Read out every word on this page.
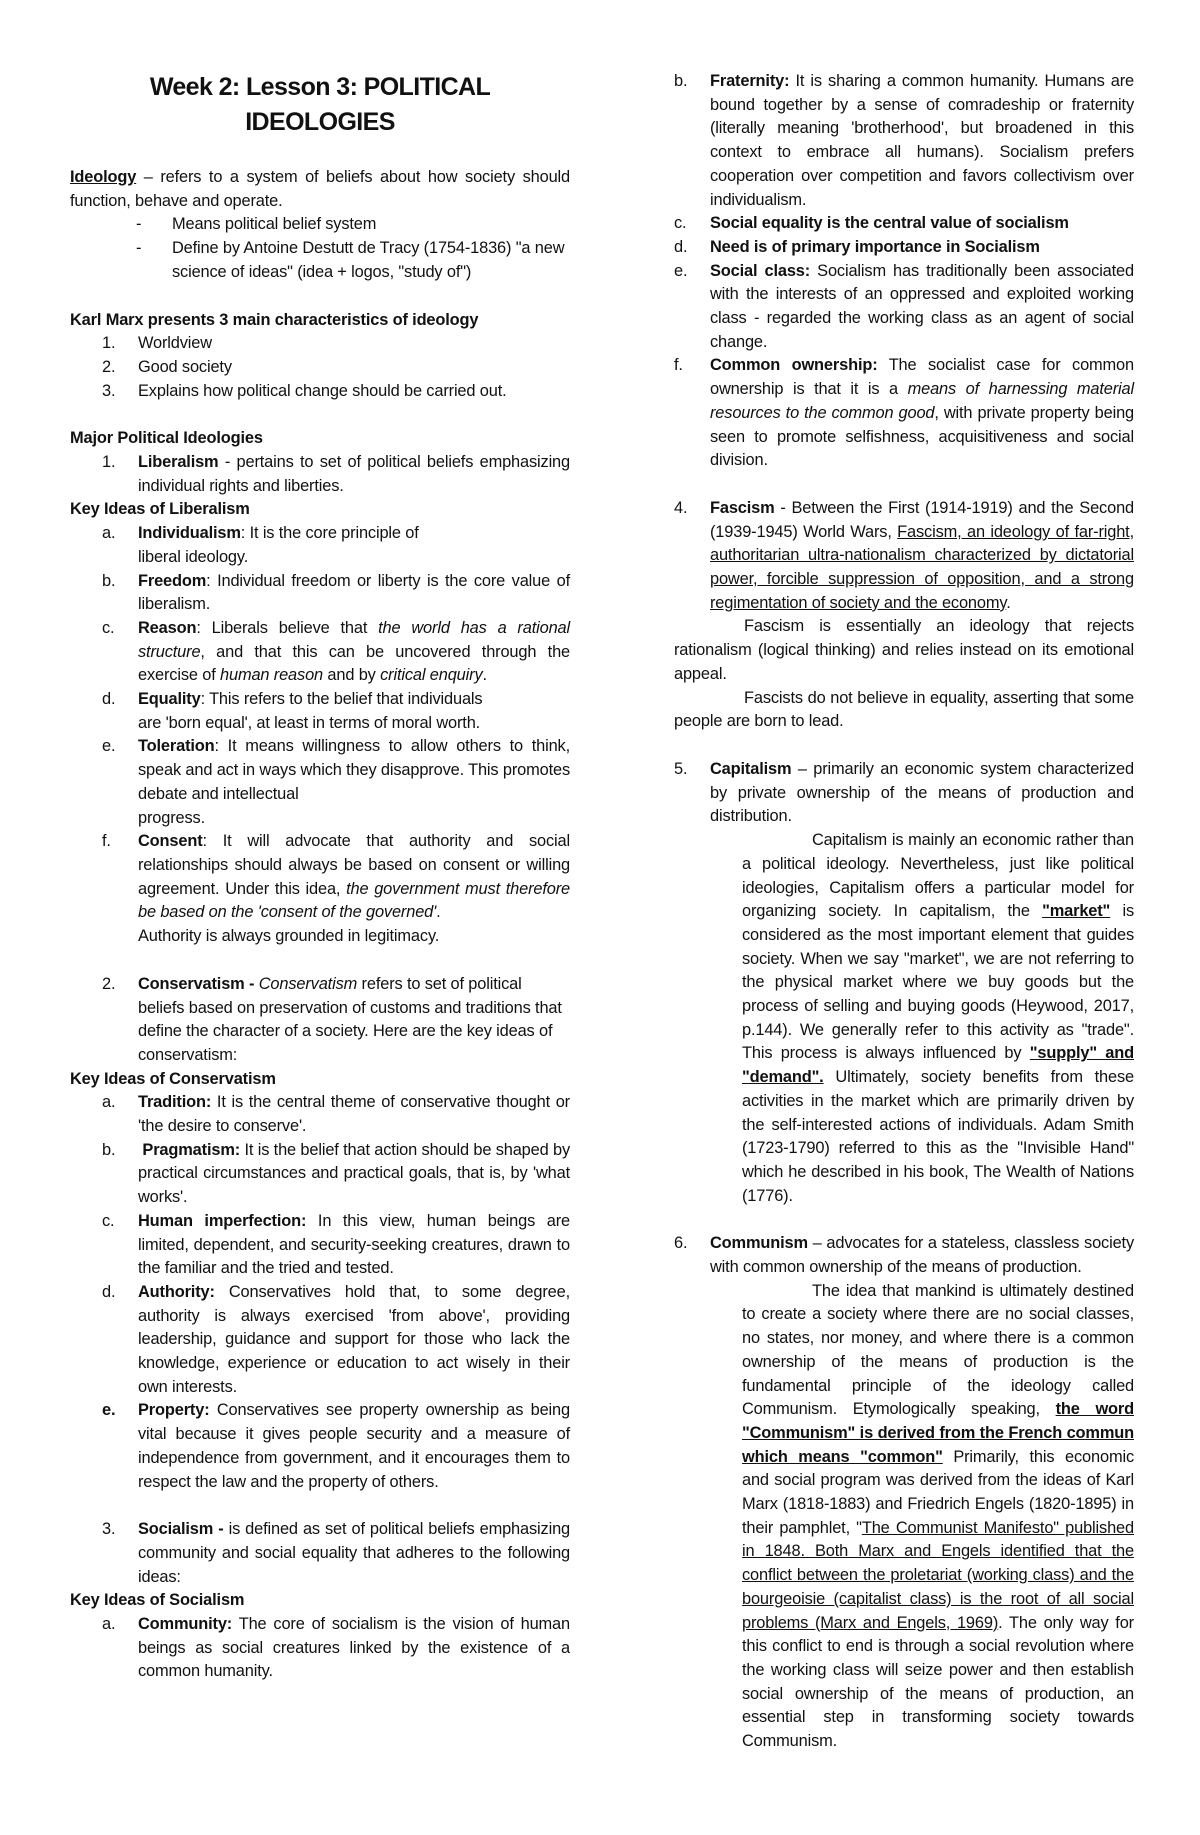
Week 2: Lesson 3: POLITICAL
IDEOLOGIES

Ideology – refers to a system of beliefs about how society should function, behave and operate.

-	Means political belief system
-	Define by Antoine Destutt de Tracy (1754-1836) "a new science of ideas" (idea + logos, "study of")

Karl Marx presents 3 main characteristics of ideology

1.	Worldview
2.	Good society
3.	Explains how political change should be carried out.

Major Political Ideologies

1.	Liberalism - pertains to set of political beliefs emphasizing individual rights and liberties.

Key Ideas of Liberalism

a.	Individualism: It is the core principle of
liberal ideology.
b.	Freedom: Individual freedom or liberty is the core value of liberalism.
c.	Reason: Liberals believe that the world has a rational structure, and that this can be uncovered through the exercise of human reason and by critical enquiry.
d.	Equality: This refers to the belief that individuals
are 'born equal', at least in terms of moral worth.
e.	Toleration: It means willingness to allow others to think, speak and act in ways which they disapprove. This promotes debate and intellectual
progress.
f.	Consent: It will advocate that authority and social relationships should always be based on consent or willing agreement. Under this idea, the government must therefore be based on the 'consent of the governed'.
Authority is always grounded in legitimacy.
2.	Conservatism - Conservatism refers to set of political beliefs based on preservation of customs and traditions that define the character of a society. Here are the key ideas of conservatism:

Key Ideas of Conservatism

a.	Tradition: It is the central theme of conservative thought or 'the desire to conserve'.
b.	Pragmatism: It is the belief that action should be shaped by practical circumstances and practical goals, that is, by 'what works'.
c.	Human imperfection: In this view, human beings are limited, dependent, and security-seeking creatures, drawn to the familiar and the tried and tested.
d.	Authority: Conservatives hold that, to some degree, authority is always exercised 'from above', providing leadership, guidance and support for those who lack the knowledge, experience or education to act wisely in their own interests.
e.	Property: Conservatives see property ownership as being vital because it gives people security and a measure of independence from government, and it encourages them to respect the law and the property of others.
3.	Socialism - is defined as set of political beliefs emphasizing community and social equality that adheres to the following ideas:

Key Ideas of Socialism

a.	Community: The core of socialism is the vision of human beings as social creatures linked by the existence of a common humanity.
b.	Fraternity: It is sharing a common humanity. Humans are bound together by a sense of comradeship or fraternity (literally meaning 'brotherhood', but broadened in this context to embrace all humans). Socialism prefers cooperation over competition and favors collectivism over individualism.
c.	Social equality is the central value of socialism
d.	Need is of primary importance in Socialism
e.	Social class: Socialism has traditionally been associated with the interests of an oppressed and exploited working class - regarded the working class as an agent of social change.
f.	Common ownership: The socialist case for common ownership is that it is a means of harnessing material resources to the common good, with private property being seen to promote selfishness, acquisitiveness and social division.
4.	Fascism - Between the First (1914-1919) and the Second (1939-1945) World Wars, Fascism, an ideology of far-right, authoritarian ultra-nationalism characterized by dictatorial power, forcible suppression of opposition, and a strong regimentation of society and the economy.

Fascism is essentially an ideology that rejects rationalism (logical thinking) and relies instead on its emotional appeal.

Fascists do not believe in equality, asserting that some people are born to lead.

5.	Capitalism – primarily an economic system characterized by private ownership of the means of production and distribution.

Capitalism is mainly an economic rather than a political ideology. Nevertheless, just like political ideologies, Capitalism offers a particular model for organizing society. In capitalism, the "market" is considered as the most important element that guides society. When we say "market", we are not referring to the physical market where we buy goods but the process of selling and buying goods (Heywood, 2017, p.144). We generally refer to this activity as "trade". This process is always influenced by "supply" and "demand". Ultimately, society benefits from these activities in the market which are primarily driven by the self-interested actions of individuals. Adam Smith (1723-1790) referred to this as the "Invisible Hand" which he described in his book, The Wealth of Nations (1776).

6.	Communism – advocates for a stateless, classless society with common ownership of the means of production.

The idea that mankind is ultimately destined to create a society where there are no social classes, no states, nor money, and where there is a common ownership of the means of production is the fundamental principle of the ideology called Communism. Etymologically speaking, the word "Communism" is derived from the French commun which means "common" Primarily, this economic and social program was derived from the ideas of Karl Marx (1818-1883) and Friedrich Engels (1820-1895) in their pamphlet, "The Communist Manifesto" published in 1848. Both Marx and Engels identified that the conflict between the proletariat (working class) and the bourgeoisie (capitalist class) is the root of all social problems (Marx and Engels, 1969). The only way for this conflict to end is through a social revolution where the working class will seize power and then establish social ownership of the means of production, an essential step in transforming society towards Communism.
